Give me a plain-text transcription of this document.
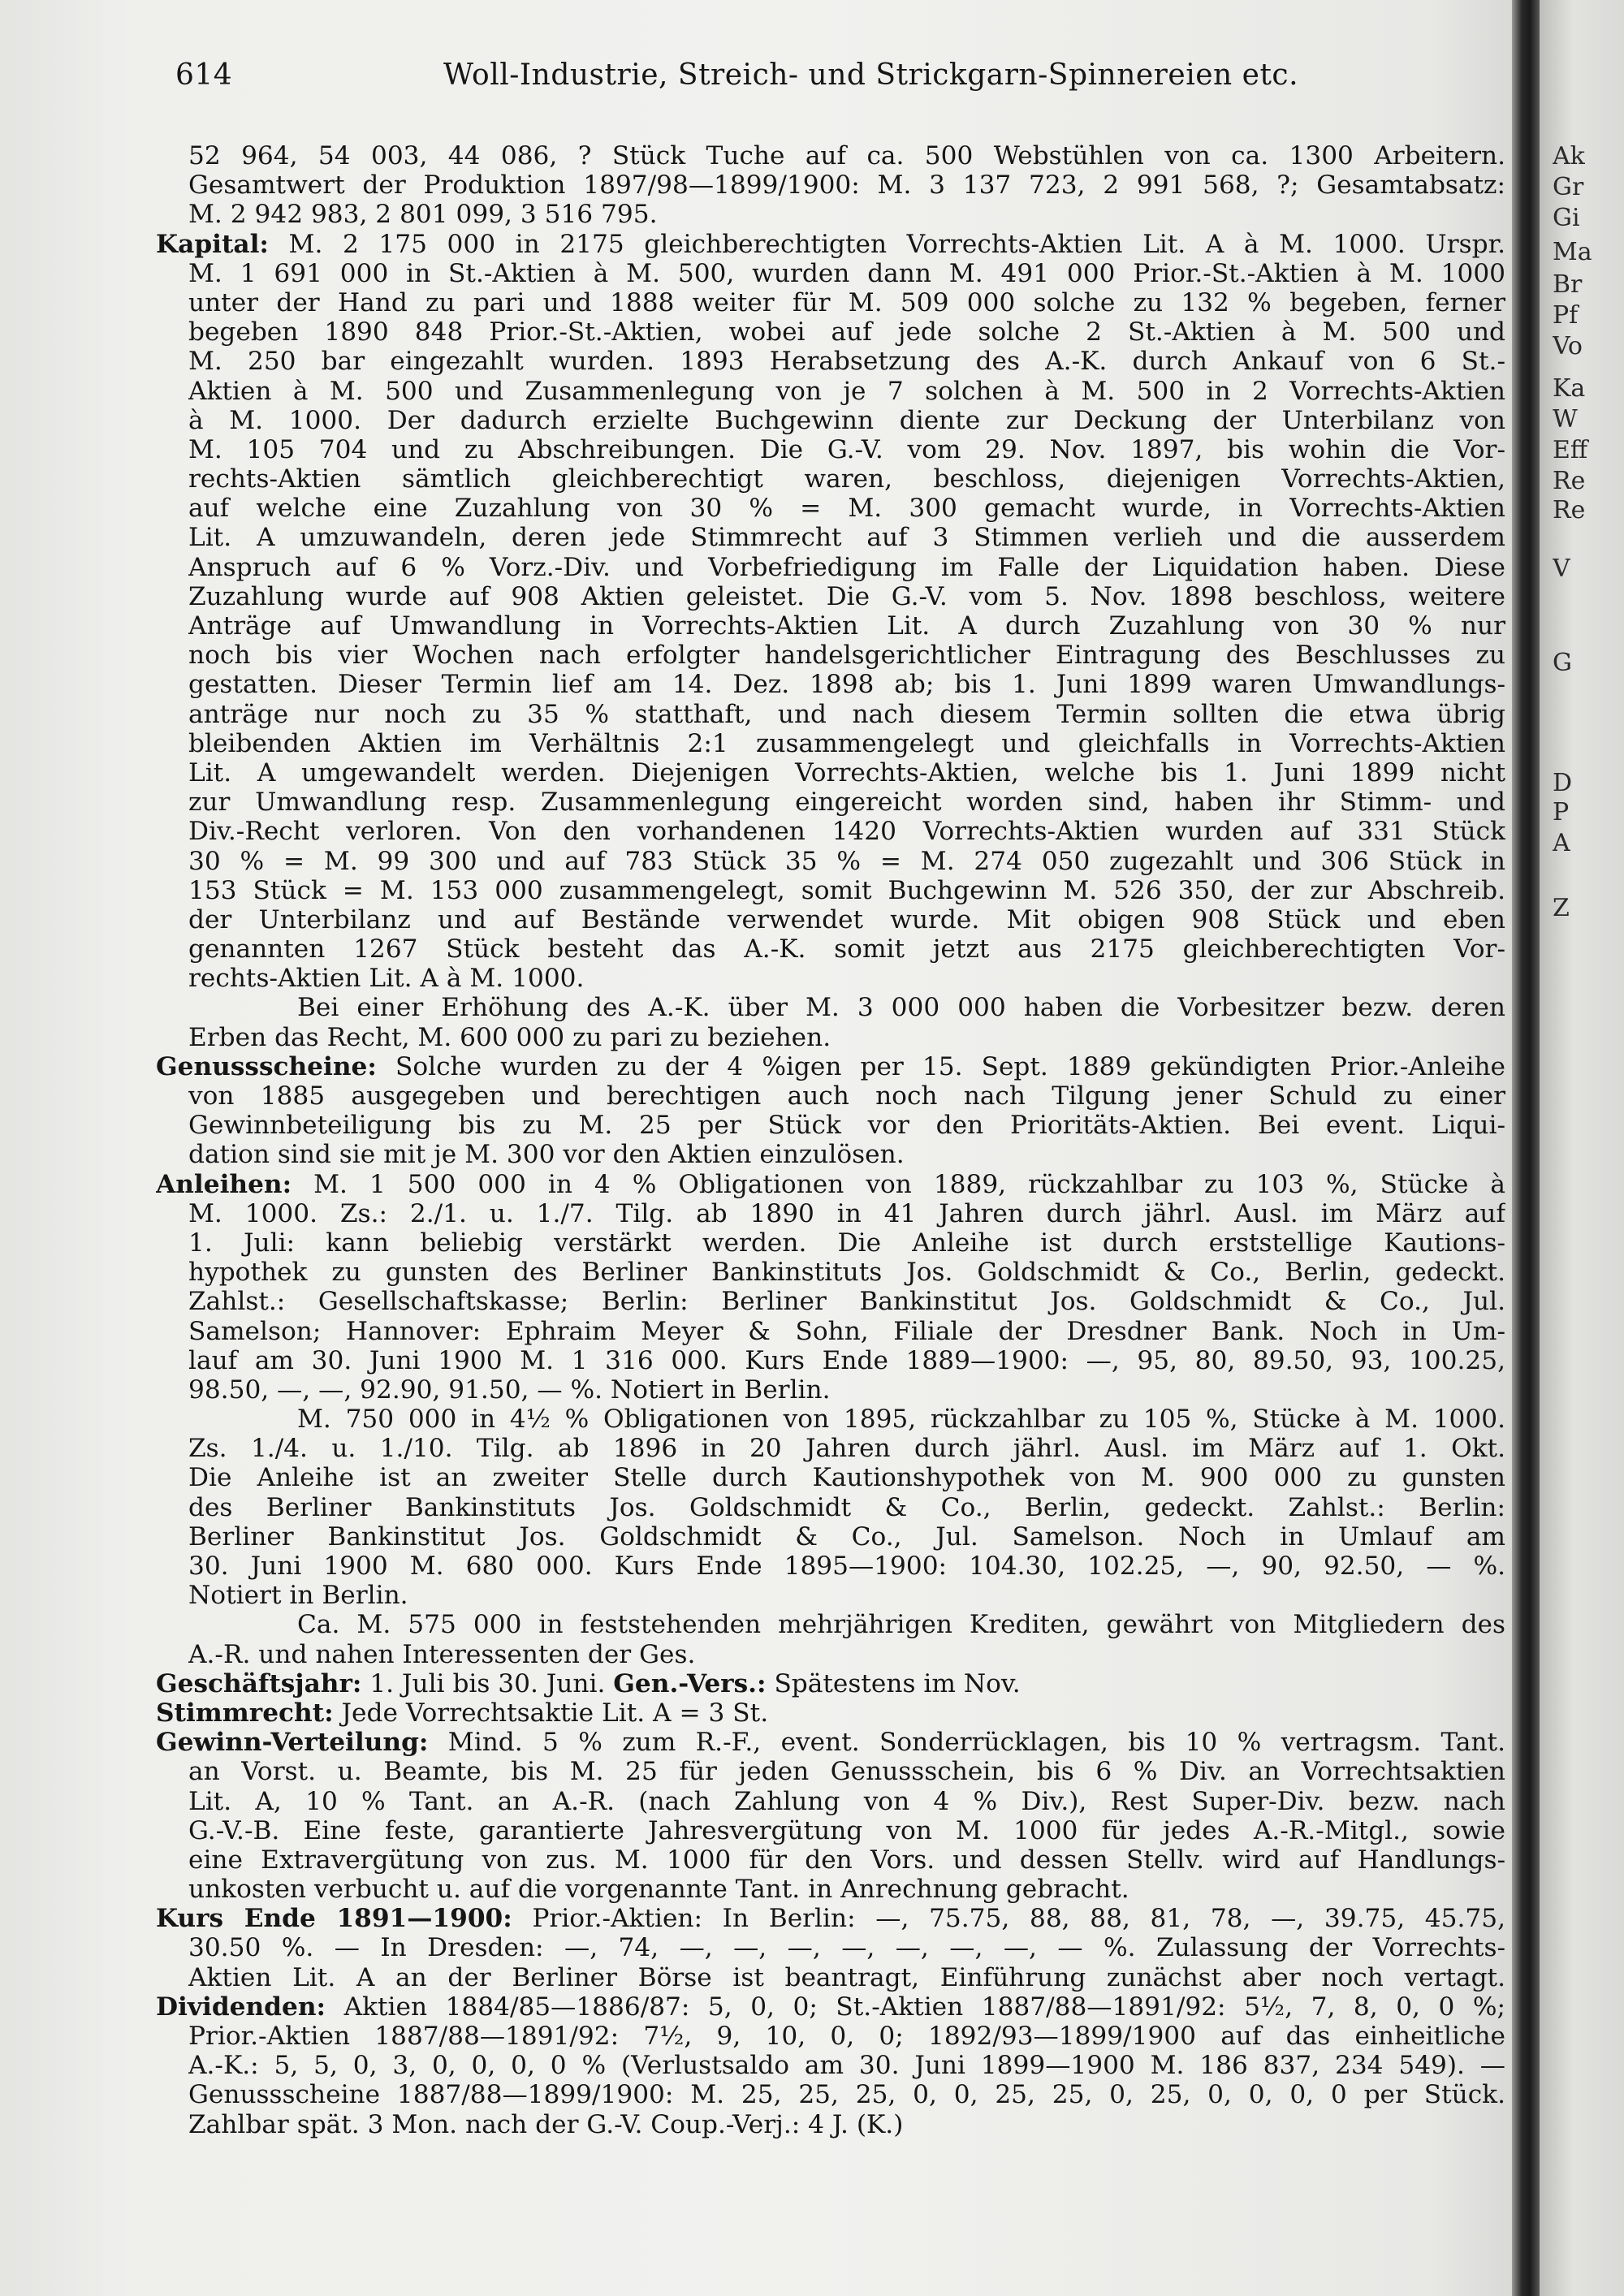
614	Woll-Industrie, Streich- und Strickgarn-Spinnereien etc.
52 964, 54 003, 44 086, ? Stück Tuche auf ca. 500 Webstühlen von ca. 1300 Arbeitern.
Gesamtwert der Produktion 1897/98—1899/1900: M. 3 137 723, 2 991 568, ?; Gesamtabsatz:
M. 2 942 983, 2 801 099, 3 516 795.
Kapital: M. 2 175 000 in 2175 gleichberechtigten Vorrechts-Aktien Lit. A à M. 1000. Urspr.
M. 1 691 000 in St.-Aktien à M. 500, wurden dann M. 491 000 Prior.-St.-Aktien à M. 1000
unter der Hand zu pari und 1888 weiter für M. 509 000 solche zu 132 % begeben, ferner
begeben 1890 848 Prior.-St.-Aktien, wobei auf jede solche 2 St.-Aktien à M. 500 und
M. 250 bar eingezahlt wurden. 1893 Herabsetzung des A.-K. durch Ankauf von 6 St.-
Aktien à M. 500 und Zusammenlegung von je 7 solchen à M. 500 in 2 Vorrechts-Aktien
à M. 1000. Der dadurch erzielte Buchgewinn diente zur Deckung der Unterbilanz von
M. 105 704 und zu Abschreibungen. Die G.-V. vom 29. Nov. 1897, bis wohin die Vor-
rechts-Aktien sämtlich gleichberechtigt waren, beschloss, diejenigen Vorrechts-Aktien,
auf welche eine Zuzahlung von 30 % = M. 300 gemacht wurde, in Vorrechts-Aktien
Lit. A umzuwandeln, deren jede Stimmrecht auf 3 Stimmen verlieh und die ausserdem
Anspruch auf 6 % Vorz.-Div. und Vorbefriedigung im Falle der Liquidation haben. Diese
Zuzahlung wurde auf 908 Aktien geleistet. Die G.-V. vom 5. Nov. 1898 beschloss, weitere
Anträge auf Umwandlung in Vorrechts-Aktien Lit. A durch Zuzahlung von 30 % nur
noch bis vier Wochen nach erfolgter handelsgerichtlicher Eintragung des Beschlusses zu
gestatten. Dieser Termin lief am 14. Dez. 1898 ab; bis 1. Juni 1899 waren Umwandlungs-
anträge nur noch zu 35 % statthaft, und nach diesem Termin sollten die etwa übrig
bleibenden Aktien im Verhältnis 2:1 zusammengelegt und gleichfalls in Vorrechts-Aktien
Lit. A umgewandelt werden. Diejenigen Vorrechts-Aktien, welche bis 1. Juni 1899 nicht
zur Umwandlung resp. Zusammenlegung eingereicht worden sind, haben ihr Stimm- und
Div.-Recht verloren. Von den vorhandenen 1420 Vorrechts-Aktien wurden auf 331 Stück
30 % = M. 99 300 und auf 783 Stück 35 % = M. 274 050 zugezahlt und 306 Stück in
153 Stück = M. 153 000 zusammengelegt, somit Buchgewinn M. 526 350, der zur Abschreib.
der Unterbilanz und auf Bestände verwendet wurde. Mit obigen 908 Stück und eben
genannten 1267 Stück besteht das A.-K. somit jetzt aus 2175 gleichberechtigten Vor-
rechts-Aktien Lit. A à M. 1000.
Bei einer Erhöhung des A.-K. über M. 3 000 000 haben die Vorbesitzer bezw. deren
Erben das Recht, M. 600 000 zu pari zu beziehen.
Genussscheine: Solche wurden zu der 4 %igen per 15. Sept. 1889 gekündigten Prior.-Anleihe
von 1885 ausgegeben und berechtigen auch noch nach Tilgung jener Schuld zu einer
Gewinnbeteiligung bis zu M. 25 per Stück vor den Prioritäts-Aktien. Bei event. Liqui-
dation sind sie mit je M. 300 vor den Aktien einzulösen.
Anleihen: M. 1 500 000 in 4 % Obligationen von 1889, rückzahlbar zu 103 %, Stücke à
M. 1000. Zs.: 2./1. u. 1./7. Tilg. ab 1890 in 41 Jahren durch jährl. Ausl. im März auf
1. Juli: kann beliebig verstärkt werden. Die Anleihe ist durch erststellige Kautions-
hypothek zu gunsten des Berliner Bankinstituts Jos. Goldschmidt & Co., Berlin, gedeckt.
Zahlst.: Gesellschaftskasse; Berlin: Berliner Bankinstitut Jos. Goldschmidt & Co., Jul.
Samelson; Hannover: Ephraim Meyer & Sohn, Filiale der Dresdner Bank. Noch in Um-
lauf am 30. Juni 1900 M. 1 316 000. Kurs Ende 1889—1900: —, 95, 80, 89.50, 93, 100.25,
98.50, —, —, 92.90, 91.50, — %. Notiert in Berlin.
M. 750 000 in 4½ % Obligationen von 1895, rückzahlbar zu 105 %, Stücke à M. 1000.
Zs. 1./4. u. 1./10. Tilg. ab 1896 in 20 Jahren durch jährl. Ausl. im März auf 1. Okt.
Die Anleihe ist an zweiter Stelle durch Kautionshypothek von M. 900 000 zu gunsten
des Berliner Bankinstituts Jos. Goldschmidt & Co., Berlin, gedeckt. Zahlst.: Berlin:
Berliner Bankinstitut Jos. Goldschmidt & Co., Jul. Samelson. Noch in Umlauf am
30. Juni 1900 M. 680 000. Kurs Ende 1895—1900: 104.30, 102.25, —, 90, 92.50, — %.
Notiert in Berlin.
Ca. M. 575 000 in feststehenden mehrjährigen Krediten, gewährt von Mitgliedern des
A.-R. und nahen Interessenten der Ges.
Geschäftsjahr: 1. Juli bis 30. Juni. Gen.-Vers.: Spätestens im Nov.
Stimmrecht: Jede Vorrechtsaktie Lit. A = 3 St.
Gewinn-Verteilung: Mind. 5 % zum R.-F., event. Sonderrücklagen, bis 10 % vertragsm. Tant.
an Vorst. u. Beamte, bis M. 25 für jeden Genussschein, bis 6 % Div. an Vorrechtsaktien
Lit. A, 10 % Tant. an A.-R. (nach Zahlung von 4 % Div.), Rest Super-Div. bezw. nach
G.-V.-B. Eine feste, garantierte Jahresvergütung von M. 1000 für jedes A.-R.-Mitgl., sowie
eine Extravergütung von zus. M. 1000 für den Vors. und dessen Stellv. wird auf Handlungs-
unkosten verbucht u. auf die vorgenannte Tant. in Anrechnung gebracht.
Kurs Ende 1891—1900: Prior.-Aktien: In Berlin: —, 75.75, 88, 88, 81, 78, —, 39.75, 45.75,
30.50 %. — In Dresden: —, 74, —, —, —, —, —, —, —, — %. Zulassung der Vorrechts-
Aktien Lit. A an der Berliner Börse ist beantragt, Einführung zunächst aber noch vertagt.
Dividenden: Aktien 1884/85—1886/87: 5, 0, 0; St.-Aktien 1887/88—1891/92: 5½, 7, 8, 0, 0 %;
Prior.-Aktien 1887/88—1891/92: 7½, 9, 10, 0, 0; 1892/93—1899/1900 auf das einheitliche
A.-K.: 5, 5, 0, 3, 0, 0, 0, 0 % (Verlustsaldo am 30. Juni 1899—1900 M. 186 837, 234 549). —
Genussscheine 1887/88—1899/1900: M. 25, 25, 25, 0, 0, 25, 25, 0, 25, 0, 0, 0, 0 per Stück.
Zahlbar spät. 3 Mon. nach der G.-V. Coup.-Verj.: 4 J. (K.)
Ak
Gr
Gi
Ma
Br
Pf
Vo
Ka
W
Eff
Re
Re
V
G
D
P
A
Z
